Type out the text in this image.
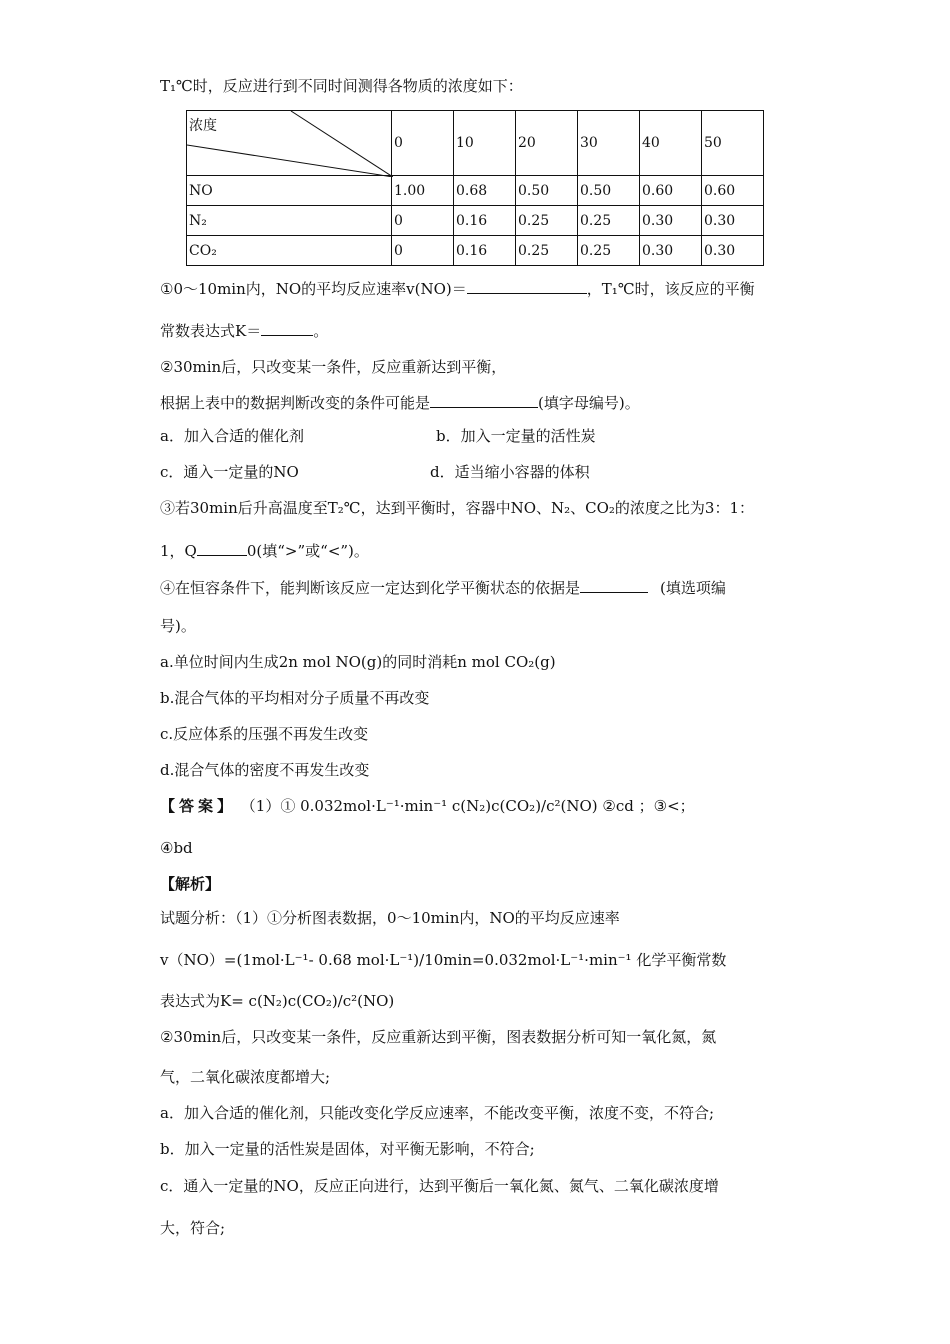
T₁℃时，反应进行到不同时间测得各物质的浓度如下：
浓度	0	10	20	30	40	50
NO	1.00	0.68	0.50	0.50	0.60	0.60
N₂	0	0.16	0.25	0.25	0.30	0.30
CO₂	0	0.16	0.25	0.25	0.30	0.30
①0～10min内，NO的平均反应速率v(NO)＝	，T₁℃时，该反应的平衡
常数表达式K＝	。
②30min后，只改变某一条件，反应重新达到平衡，
根据上表中的数据判断改变的条件可能是	(填字母编号)。
a．加入合适的催化剂	b．加入一定量的活性炭
c．通入一定量的NO	d．适当缩小容器的体积
③若30min后升高温度至T₂℃，达到平衡时，容器中NO、N₂、CO₂的浓度之比为3：1：
1，Q	0(填“>”或“<”)。
④在恒容条件下，能判断该反应一定达到化学平衡状态的依据是	(填选项编
号)。
a.单位时间内生成2n mol NO(g)的同时消耗n mol CO₂(g)
b.混合气体的平均相对分子质量不再改变
c.反应体系的压强不再发生改变
d.混合气体的密度不再发生改变
【答案】 （1）① 0.032mol·L⁻¹·min⁻¹ c(N₂)c(CO₂)/c²(NO) ②cd ；③<；
④bd
【解析】
试题分析：（1）①分析图表数据，0～10min内，NO的平均反应速率
v（NO）=(1mol·L⁻¹- 0.68 mol·L⁻¹)/10min=0.032mol·L⁻¹·min⁻¹ 化学平衡常数
表达式为K= c(N₂)c(CO₂)/c²(NO)
②30min后，只改变某一条件，反应重新达到平衡，图表数据分析可知一氧化氮，氮
气，二氧化碳浓度都增大;
a．加入合适的催化剂，只能改变化学反应速率，不能改变平衡，浓度不变，不符合;
b．加入一定量的活性炭是固体，对平衡无影响，不符合;
c．通入一定量的NO，反应正向进行，达到平衡后一氧化氮、氮气、二氧化碳浓度增
大，符合;
